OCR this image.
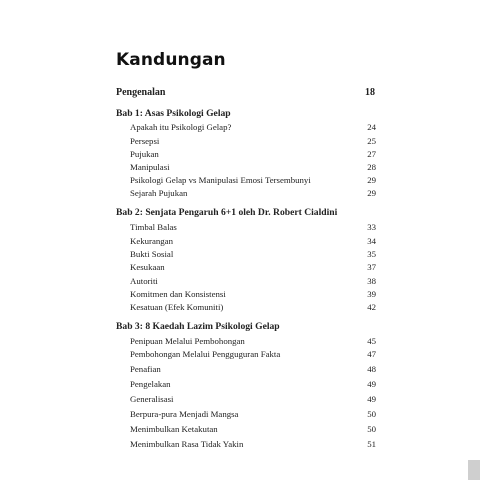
Kandungan
Pengenalan	18
Bab 1: Asas Psikologi Gelap
Apakah itu Psikologi Gelap?	24
Persepsi	25
Pujukan	27
Manipulasi	28
Psikologi Gelap vs Manipulasi Emosi Tersembunyi	29
Sejarah Pujukan	29
Bab 2: Senjata Pengaruh 6+1 oleh Dr. Robert Cialdini
Timbal Balas	33
Kekurangan	34
Bukti Sosial	35
Kesukaan	37
Autoriti	38
Komitmen dan Konsistensi	39
Kesatuan (Efek Komuniti)	42
Bab 3: 8 Kaedah Lazim Psikologi Gelap
Penipuan Melalui Pembohongan	45
Pembohongan Melalui Pengguguran Fakta	47
Penafian	48
Pengelakan	49
Generalisasi	49
Berpura-pura Menjadi Mangsa	50
Menimbulkan Ketakutan	50
Menimbulkan Rasa Tidak Yakin	51
